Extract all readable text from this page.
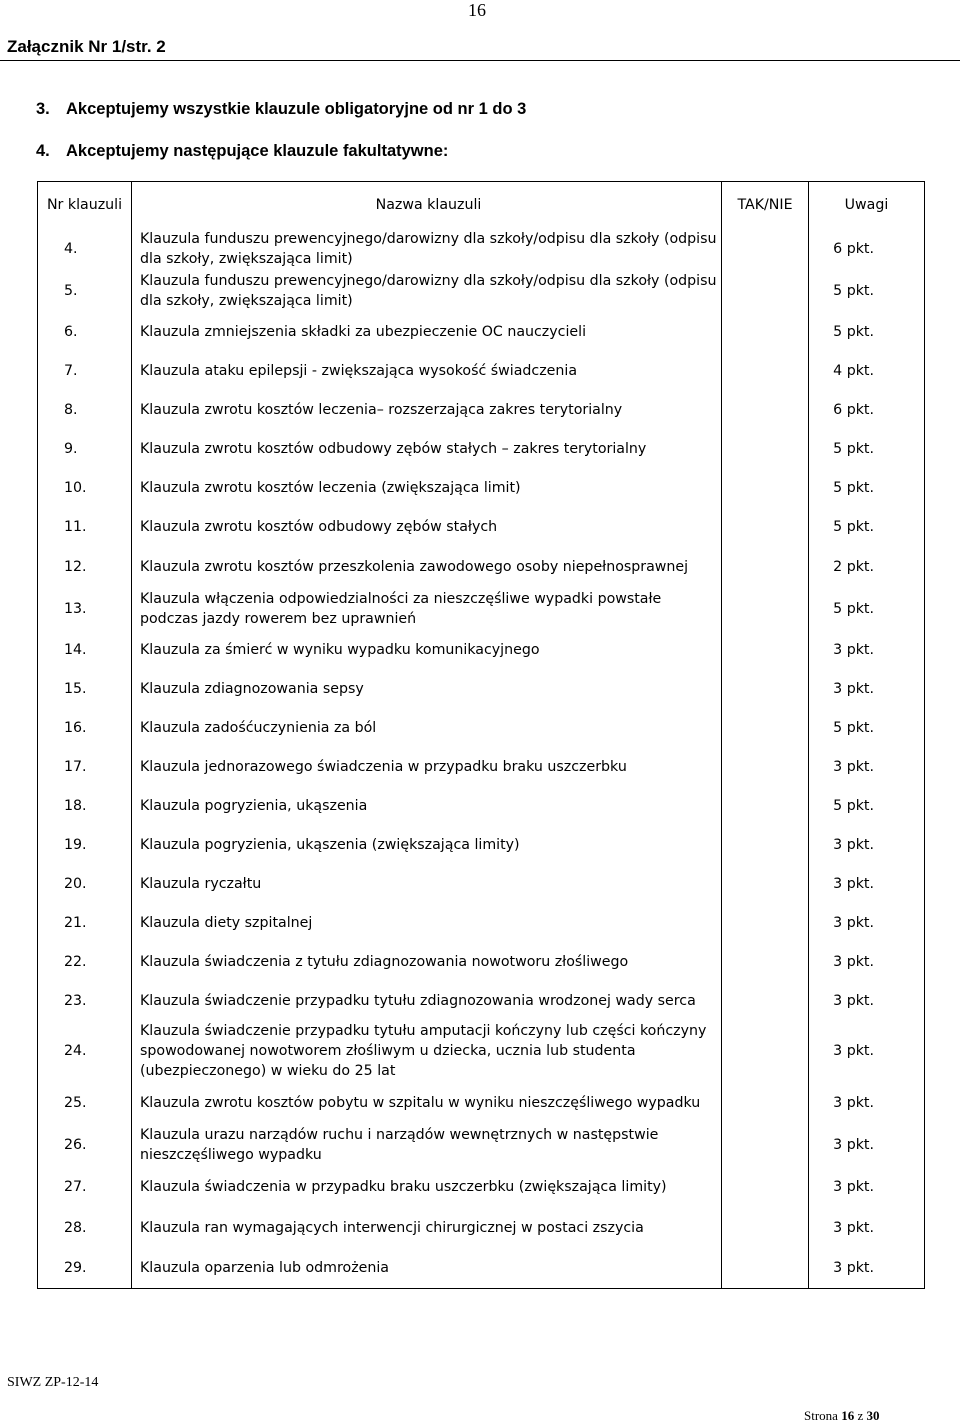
16
Załącznik Nr 1/str. 2
3. Akceptujemy wszystkie klauzule obligatoryjne od nr 1 do 3
4. Akceptujemy następujące klauzule fakultatywne:
Nr klauzuli	Nazwa klauzuli	TAK/NIE	Uwagi
4.	Klauzula funduszu prewencyjnego/darowizny dla szkoły/odpisu dla szkoły (odpisu dla szkoły, zwiększająca limit)		6 pkt.
5.	Klauzula funduszu prewencyjnego/darowizny dla szkoły/odpisu dla szkoły (odpisu dla szkoły, zwiększająca limit)		5 pkt.
6.	Klauzula zmniejszenia składki za ubezpieczenie OC nauczycieli		5 pkt.
7.	Klauzula ataku epilepsji - zwiększająca wysokość świadczenia		4 pkt.
8.	Klauzula zwrotu kosztów leczenia– rozszerzająca zakres terytorialny		6 pkt.
9.	Klauzula zwrotu kosztów odbudowy zębów stałych – zakres terytorialny		5 pkt.
10.	Klauzula zwrotu kosztów leczenia (zwiększająca limit)		5 pkt.
11.	Klauzula zwrotu kosztów odbudowy zębów stałych		5 pkt.
12.	Klauzula zwrotu kosztów przeszkolenia zawodowego osoby niepełnosprawnej		2 pkt.
13.	Klauzula włączenia odpowiedzialności za nieszczęśliwe wypadki powstałe podczas jazdy rowerem bez uprawnień		5 pkt.
14.	Klauzula za śmierć w wyniku wypadku komunikacyjnego		3 pkt.
15.	Klauzula zdiagnozowania sepsy		3 pkt.
16.	Klauzula zadośćuczynienia za ból		5 pkt.
17.	Klauzula jednorazowego świadczenia w przypadku braku uszczerbku		3 pkt.
18.	Klauzula pogryzienia, ukąszenia		5 pkt.
19.	Klauzula pogryzienia, ukąszenia (zwiększająca limity)		3 pkt.
20.	Klauzula ryczałtu		3 pkt.
21.	Klauzula diety szpitalnej		3 pkt.
22.	Klauzula świadczenia z tytułu zdiagnozowania nowotworu złośliwego		3 pkt.
23.	Klauzula świadczenie przypadku tytułu zdiagnozowania wrodzonej wady serca		3 pkt.
24.	Klauzula świadczenie przypadku tytułu amputacji kończyny lub części kończyny spowodowanej nowotworem złośliwym u dziecka, ucznia lub studenta (ubezpieczonego) w wieku do 25 lat		3 pkt.
25.	Klauzula zwrotu kosztów pobytu w szpitalu w wyniku nieszczęśliwego wypadku		3 pkt.
26.	Klauzula urazu narządów ruchu i narządów wewnętrznych w następstwie nieszczęśliwego wypadku		3 pkt.
27.	Klauzula świadczenia w przypadku braku uszczerbku (zwiększająca limity)		3 pkt.
28.	Klauzula ran wymagających interwencji chirurgicznej w postaci zszycia		3 pkt.
29.	Klauzula oparzenia lub odmrożenia		3 pkt.
SIWZ ZP-12-14
Strona 16 z 30
